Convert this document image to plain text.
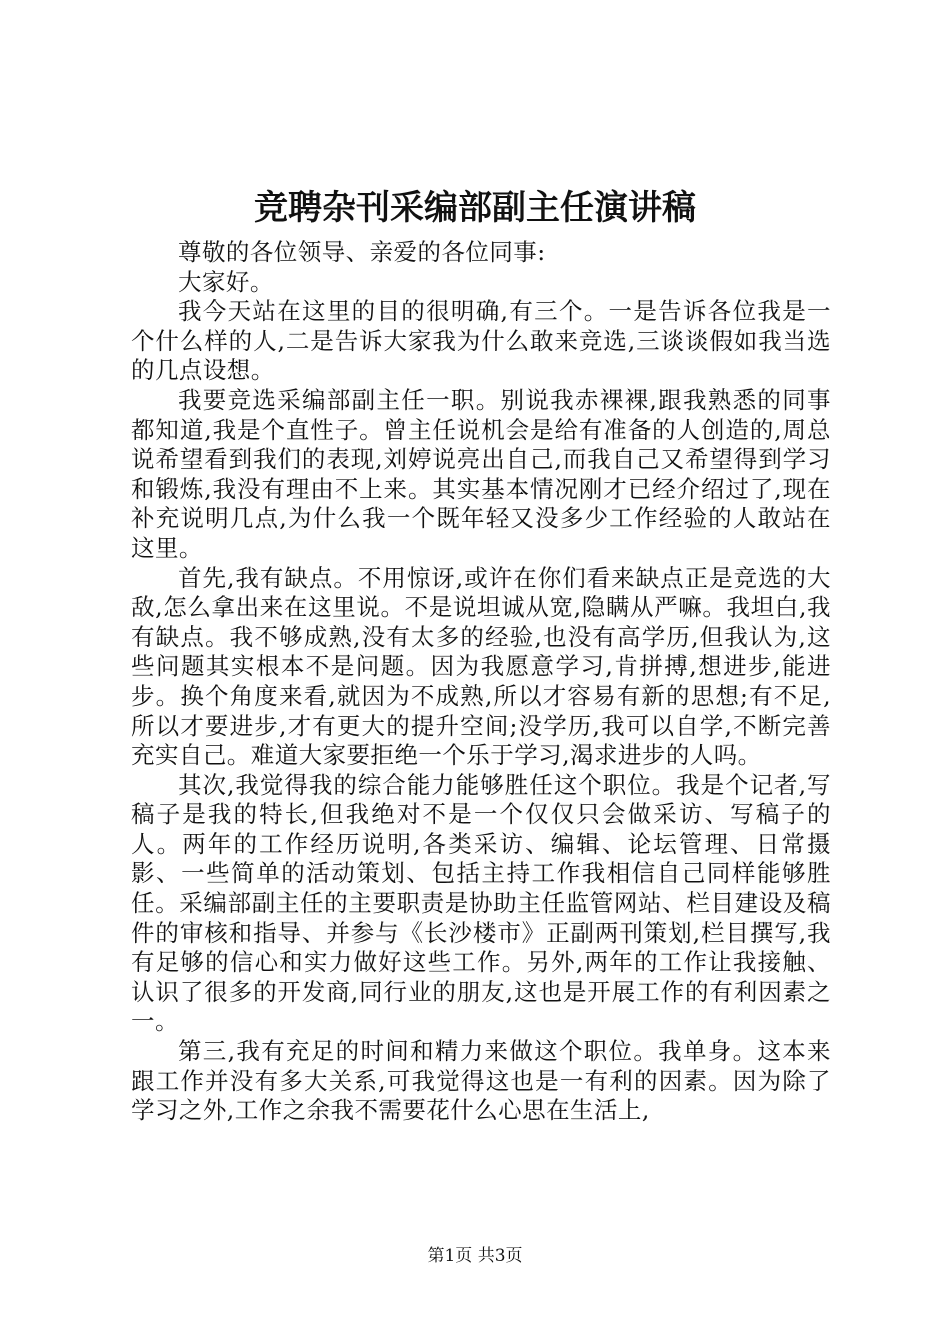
竞聘杂刊采编部副主任演讲稿

尊敬的各位领导、亲爱的各位同事:

大家好。

我今天站在这里的目的很明确,有三个。一是告诉各位我是一个什么样的人,二是告诉大家我为什么敢来竞选,三谈谈假如我当选的几点设想。

我要竞选采编部副主任一职。别说我赤裸裸,跟我熟悉的同事都知道,我是个直性子。曾主任说机会是给有准备的人创造的,周总说希望看到我们的表现,刘婷说亮出自己,而我自己又希望得到学习和锻炼,我没有理由不上来。其实基本情况刚才已经介绍过了,现在补充说明几点,为什么我一个既年轻又没多少工作经验的人敢站在这里。

首先,我有缺点。不用惊讶,或许在你们看来缺点正是竞选的大敌,怎么拿出来在这里说。不是说坦诚从宽,隐瞒从严嘛。我坦白,我有缺点。我不够成熟,没有太多的经验,也没有高学历,但我认为,这些问题其实根本不是问题。因为我愿意学习,肯拼搏,想进步,能进步。换个角度来看,就因为不成熟,所以才容易有新的思想;有不足,所以才要进步,才有更大的提升空间;没学历,我可以自学,不断完善充实自己。难道大家要拒绝一个乐于学习,渴求进步的人吗。

其次,我觉得我的综合能力能够胜任这个职位。我是个记者,写稿子是我的特长,但我绝对不是一个仅仅只会做采访、写稿子的人。两年的工作经历说明,各类采访、编辑、论坛管理、日常摄影、一些简单的活动策划、包括主持工作我相信自己同样能够胜任。采编部副主任的主要职责是协助主任监管网站、栏目建设及稿件的审核和指导、并参与《长沙楼市》正副两刊策划,栏目撰写,我有足够的信心和实力做好这些工作。另外,两年的工作让我接触、认识了很多的开发商,同行业的朋友,这也是开展工作的有利因素之一。

第三,我有充足的时间和精力来做这个职位。我单身。这本来跟工作并没有多大关系,可我觉得这也是一有利的因素。因为除了学习之外,工作之余我不需要花什么心思在生活上,

第1页 共3页
